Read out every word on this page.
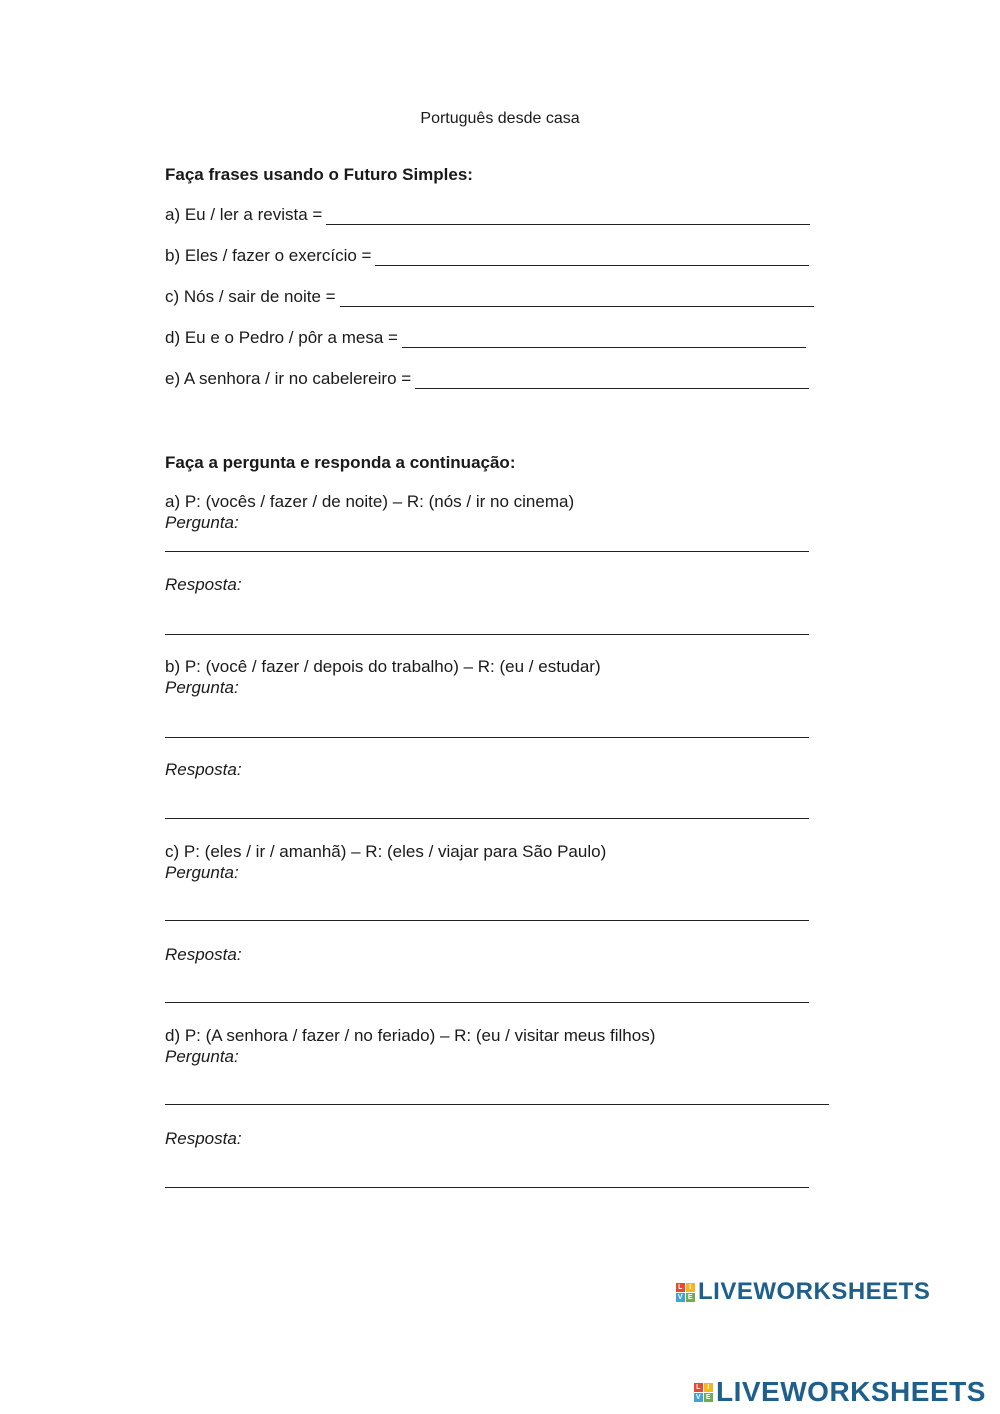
Português desde casa
Faça frases usando o Futuro Simples:
a) Eu / ler a revista =
b) Eles / fazer o exercício =
c) Nós / sair de noite =
d) Eu e o Pedro / pôr a mesa =
e) A senhora / ir no cabelereiro =
Faça a pergunta e responda a continuação:
a) P: (vocês / fazer / de noite) – R: (nós / ir no cinema)
Pergunta:
Resposta:
b) P: (você / fazer / depois do trabalho) – R: (eu / estudar)
Pergunta:
Resposta:
c) P: (eles / ir / amanhã) – R: (eles / viajar para São Paulo)
Pergunta:
Resposta:
d) P: (A senhora / fazer / no feriado) – R: (eu / visitar meus filhos)
Pergunta:
Resposta:
L I
V E LIVEWORKSHEETS
L I
V E LIVEWORKSHEETS
